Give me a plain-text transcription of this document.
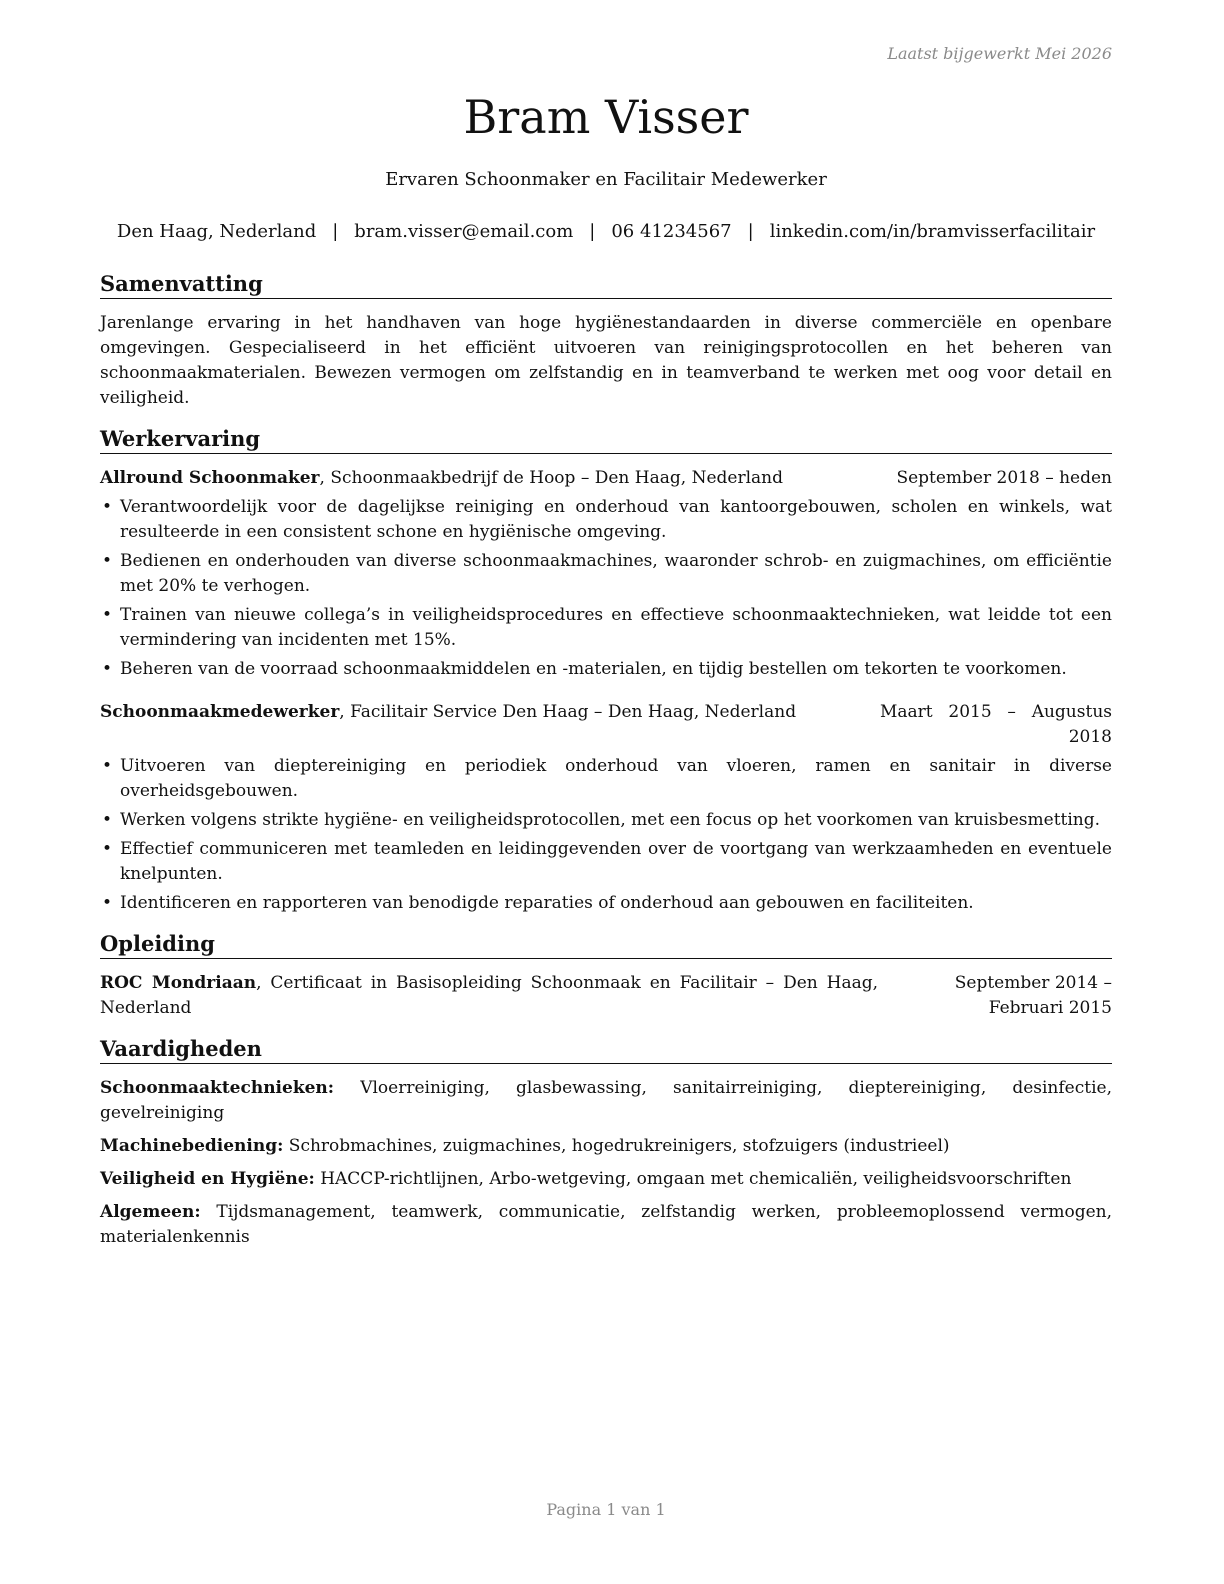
Laatst bijgewerkt Mei 2026
Bram Visser
Ervaren Schoonmaker en Facilitair Medewerker
Den Haag, Nederland | bram.visser@email.com | 06 41234567 | linkedin.com/in/bramvisserfacilitair
Samenvatting

Jarenlange ervaring in het handhaven van hoge hygiënestandaarden in diverse commerciële en openbare omgevingen. Gespecialiseerd in het efficiënt uitvoeren van reinigingsprotocollen en het beheren van schoonmaakmaterialen. Bewezen vermogen om zelfstandig en in teamverband te werken met oog voor detail en veiligheid.

Werkervaring
Allround Schoonmaker, Schoonmaakbedrijf de Hoop – Den Haag, Nederland	September 2018 – heden
• Verantwoordelijk voor de dagelijkse reiniging en onderhoud van kantoorgebouwen, scholen en winkels, wat resulteerde in een consistent schone en hygiënische omgeving.
• Bedienen en onderhouden van diverse schoonmaakmachines, waaronder schrob- en zuigmachines, om efficiëntie met 20% te verhogen.
• Trainen van nieuwe collega’s in veiligheidsprocedures en effectieve schoonmaaktechnieken, wat leidde tot een vermindering van incidenten met 15%.
• Beheren van de voorraad schoonmaakmiddelen en -materialen, en tijdig bestellen om tekorten te voorkomen.
Schoonmaakmedewerker, Facilitair Service Den Haag – Den Haag, Nederland	Maart 2015 – Augustus 2018
• Uitvoeren van dieptereiniging en periodiek onderhoud van vloeren, ramen en sanitair in diverse overheidsgebouwen.
• Werken volgens strikte hygiëne- en veiligheidsprotocollen, met een focus op het voorkomen van kruisbesmetting.
• Effectief communiceren met teamleden en leidinggevenden over de voortgang van werkzaamheden en eventuele knelpunten.
• Identificeren en rapporteren van benodigde reparaties of onderhoud aan gebouwen en faciliteiten.
Opleiding
ROC Mondriaan, Certificaat in Basisopleiding Schoonmaak en Facilitair – Den Haag, Nederland
September 2014 – Februari 2015
Vaardigheden
Schoonmaaktechnieken: Vloerreiniging, glasbewassing, sanitairreiniging, dieptereiniging, desinfectie, gevelreiniging
Machinebediening: Schrobmachines, zuigmachines, hogedrukreinigers, stofzuigers (industrieel)
Veiligheid en Hygiëne: HACCP-richtlijnen, Arbo-wetgeving, omgaan met chemicaliën, veiligheidsvoorschriften
Algemeen: Tijdsmanagement, teamwerk, communicatie, zelfstandig werken, probleemoplossend vermogen, materialenkennis
Pagina 1 van 1
